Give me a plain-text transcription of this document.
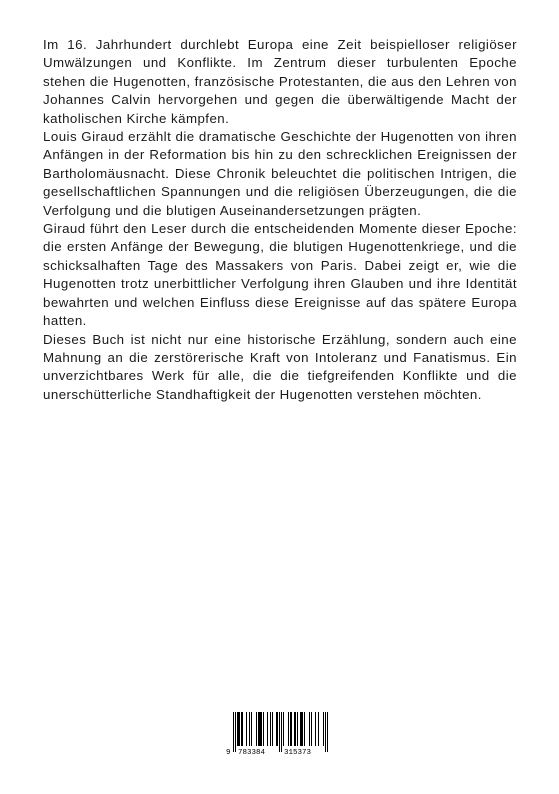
Im 16. Jahrhundert durchlebt Europa eine Zeit beispielloser religiöser Umwälzungen und Konflikte. Im Zentrum dieser turbulenten Epoche stehen die Hugenotten, französische Protestanten, die aus den Lehren von Johannes Calvin hervorgehen und gegen die überwältigende Macht der katholischen Kirche kämpfen.

Louis Giraud erzählt die dramatische Geschichte der Hugenotten von ihren Anfängen in der Reformation bis hin zu den schrecklichen Ereignissen der Bartholomäusnacht. Diese Chronik beleuchtet die politischen Intrigen, die gesellschaftlichen Spannungen und die religiösen Überzeugungen, die die Verfolgung und die blutigen Auseinandersetzungen prägten.

Giraud führt den Leser durch die entscheidenden Momente dieser Epoche: die ersten Anfänge der Bewegung, die blutigen Hugenottenkriege, und die schicksalhaften Tage des Massakers von Paris. Dabei zeigt er, wie die Hugenotten trotz unerbittlicher Verfolgung ihren Glauben und ihre Identität bewahrten und welchen Einfluss diese Ereignisse auf das spätere Europa hatten.

Dieses Buch ist nicht nur eine historische Erzählung, sondern auch eine Mahnung an die zerstörerische Kraft von Intoleranz und Fanatismus. Ein unverzichtbares Werk für alle, die die tiefgreifenden Konflikte und die unerschütterliche Standhaftigkeit der Hugenotten verstehen möchten.

9 783384	315373
